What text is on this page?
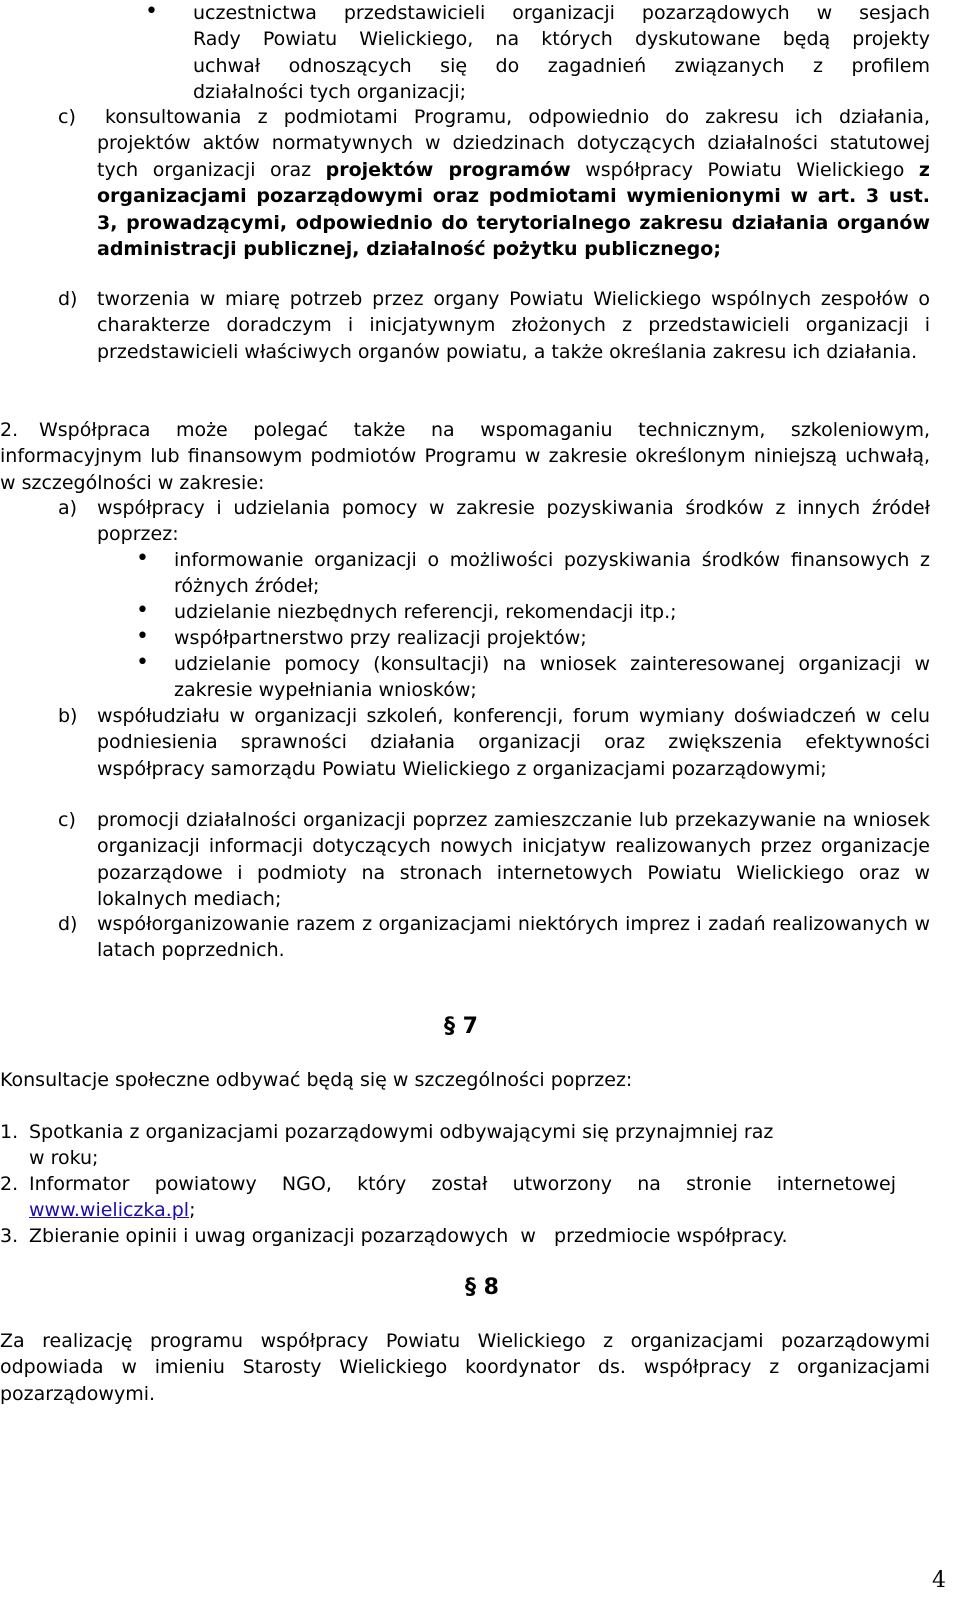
• uczestnictwa przedstawicieli organizacji pozarządowych w sesjach
Rady Powiatu Wielickiego, na których dyskutowane będą projekty
uchwał odnoszących się do zagadnień związanych z profilem
działalności tych organizacji;
c)	konsultowania z podmiotami Programu, odpowiednio do zakresu ich działania, projektów aktów normatywnych w dziedzinach dotyczących działalności statutowej tych organizacji oraz projektów programów współpracy Powiatu Wielickiego z organizacjami pozarządowymi oraz podmiotami wymienionymi w art. 3 ust. 3, prowadzącymi, odpowiednio do terytorialnego zakresu działania organów administracji publicznej, działalność pożytku publicznego;

d) tworzenia w miarę potrzeb przez organy Powiatu Wielickiego wspólnych zespołów o charakterze doradczym i inicjatywnym złożonych z przedstawicieli organizacji i przedstawicieli właściwych organów powiatu, a także określania zakresu ich działania.

2.	Współpraca może polegać także na wspomaganiu technicznym, szkoleniowym, informacyjnym lub finansowym podmiotów Programu w zakresie określonym niniejszą uchwałą, w szczególności w zakresie:

a) współpracy i udzielania pomocy w zakresie pozyskiwania środków z innych źródeł poprzez:

• informowanie organizacji o możliwości pozyskiwania środków finansowych z różnych źródeł;

• udzielanie niezbędnych referencji, rekomendacji itp.;

• współpartnerstwo przy realizacji projektów;

• udzielanie pomocy (konsultacji) na wniosek zainteresowanej organizacji w zakresie wypełniania wniosków;

b) współudziału w organizacji szkoleń, konferencji, forum wymiany doświadczeń w celu podniesienia sprawności działania organizacji oraz zwiększenia efektywności współpracy samorządu Powiatu Wielickiego z organizacjami pozarządowymi;

c) promocji działalności organizacji poprzez zamieszczanie lub przekazywanie na wniosek organizacji informacji dotyczących nowych inicjatyw realizowanych przez organizacje pozarządowe i podmioty na stronach internetowych Powiatu Wielickiego oraz w lokalnych mediach;

d) współorganizowanie razem z organizacjami niektórych imprez i zadań realizowanych w latach poprzednich.

§ 7
Konsultacje społeczne odbywać będą się w szczególności poprzez:
1. Spotkania z organizacjami pozarządowymi odbywającymi się przynajmniej raz
w roku;
2. Informator powiatowy NGO, który został utworzony na stronie internetowej
www.wieliczka.pl;
3. Zbieranie opinii i uwag organizacji pozarządowych  w   przedmiocie współpracy.
§ 8

Za realizację programu współpracy Powiatu Wielickiego z organizacjami pozarządowymi odpowiada w imieniu Starosty Wielickiego koordynator ds. współpracy z organizacjami pozarządowymi.

4
